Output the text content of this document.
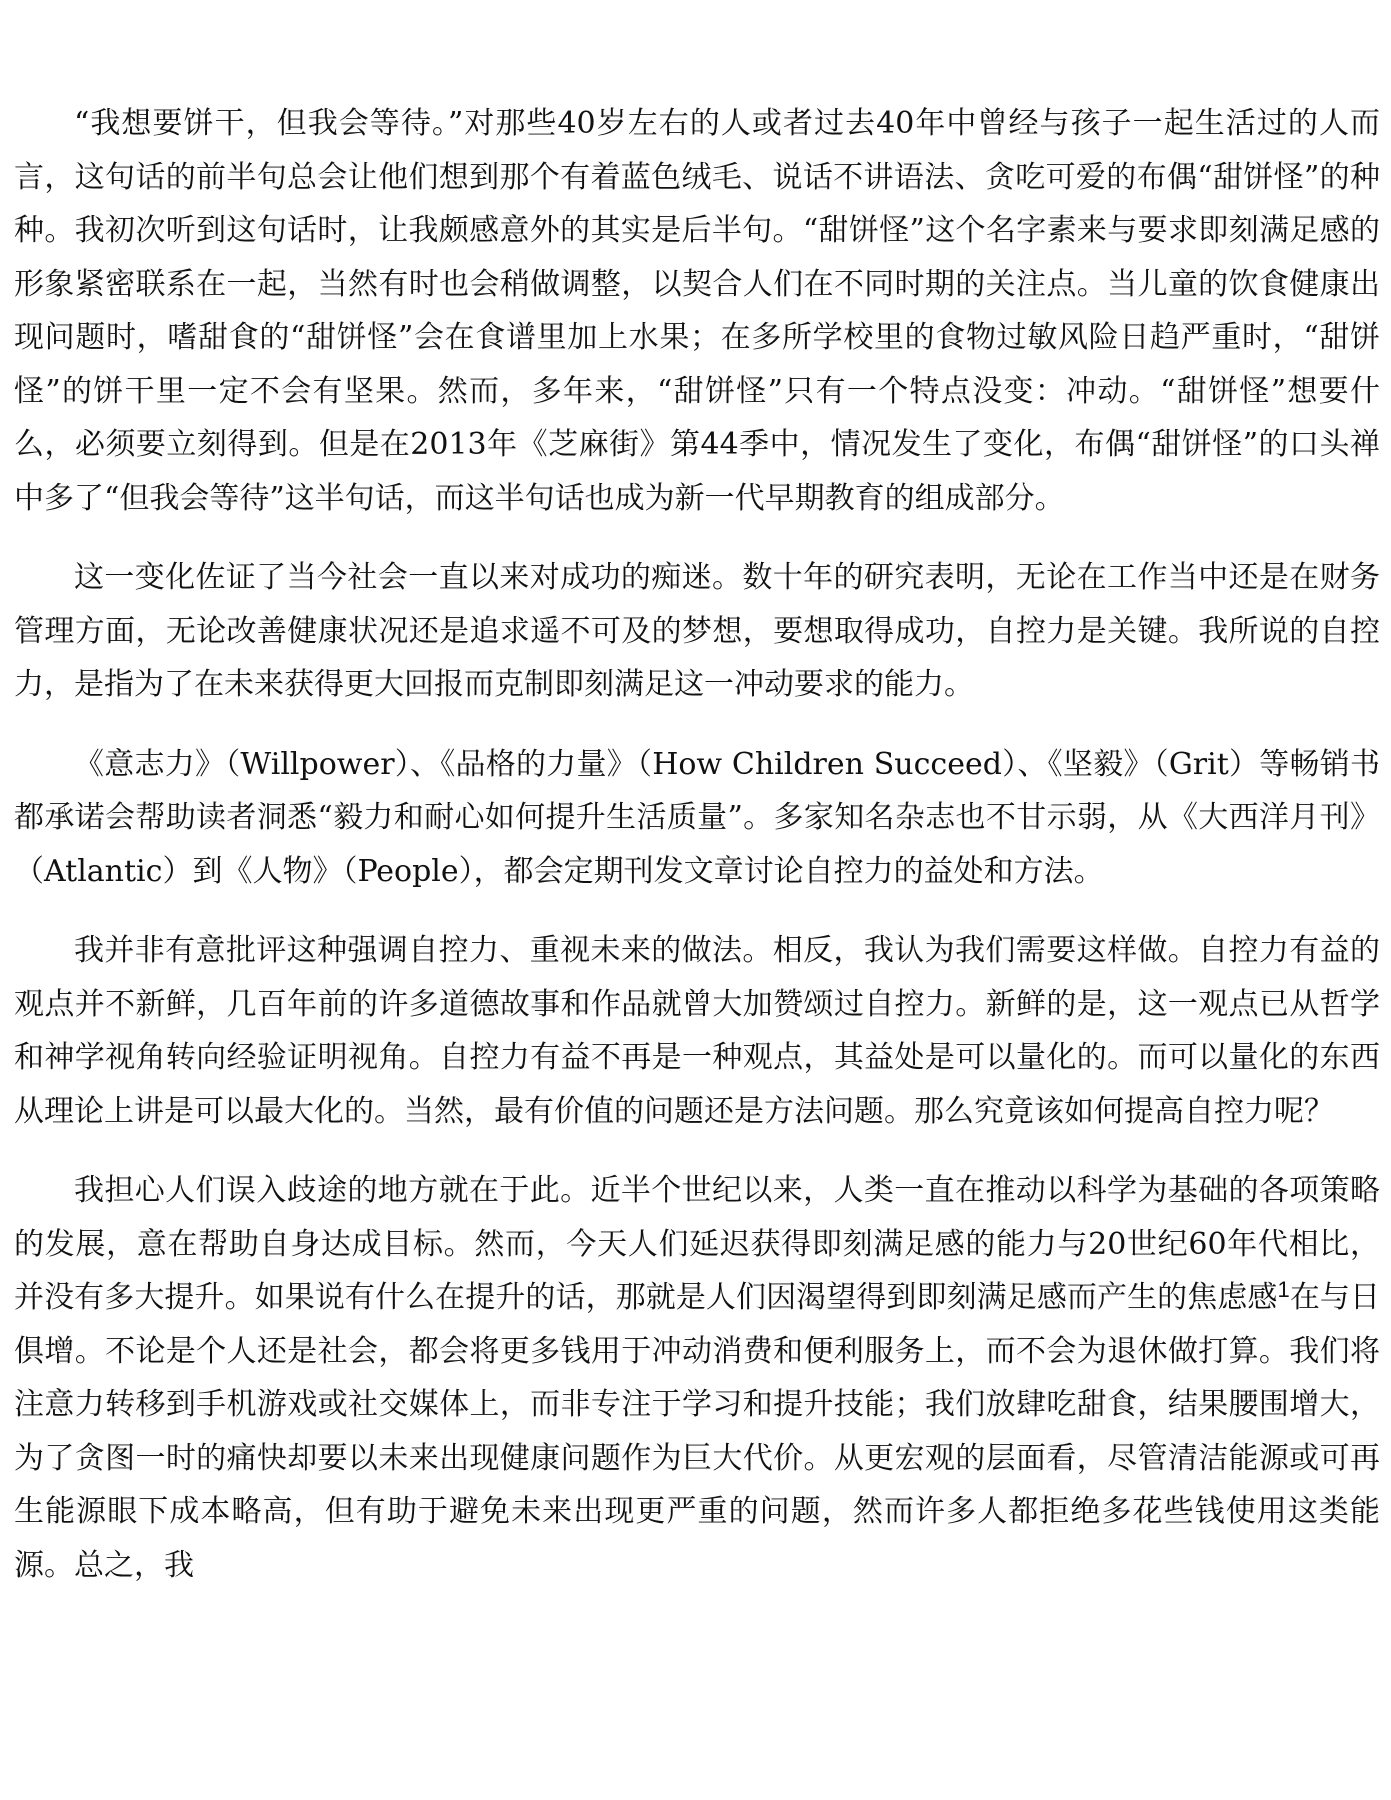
“我想要饼干，但我会等待。”对那些40岁左右的人或者过去40年中曾经与孩子一起生活过的人而言，这句话的前半句总会让他们想到那个有着蓝色绒毛、说话不讲语法、贪吃可爱的布偶“甜饼怪”的种种。我初次听到这句话时，让我颇感意外的其实是后半句。“甜饼怪”这个名字素来与要求即刻满足感的形象紧密联系在一起，当然有时也会稍做调整，以契合人们在不同时期的关注点。当儿童的饮食健康出现问题时，嗜甜食的“甜饼怪”会在食谱里加上水果；在多所学校里的食物过敏风险日趋严重时，“甜饼怪”的饼干里一定不会有坚果。然而，多年来，“甜饼怪”只有一个特点没变：冲动。“甜饼怪”想要什么，必须要立刻得到。但是在2013年《芝麻街》第44季中，情况发生了变化，布偶“甜饼怪”的口头禅中多了“但我会等待”这半句话，而这半句话也成为新一代早期教育的组成部分。

这一变化佐证了当今社会一直以来对成功的痴迷。数十年的研究表明，无论在工作当中还是在财务管理方面，无论改善健康状况还是追求遥不可及的梦想，要想取得成功，自控力是关键。我所说的自控力，是指为了在未来获得更大回报而克制即刻满足这一冲动要求的能力。

《意志力》（Willpower）、《品格的力量》（How Children Succeed）、《坚毅》（Grit）等畅销书都承诺会帮助读者洞悉“毅力和耐心如何提升生活质量”。多家知名杂志也不甘示弱，从《大西洋月刊》（Atlantic）到《人物》（People），都会定期刊发文章讨论自控力的益处和方法。

我并非有意批评这种强调自控力、重视未来的做法。相反，我认为我们需要这样做。自控力有益的观点并不新鲜，几百年前的许多道德故事和作品就曾大加赞颂过自控力。新鲜的是，这一观点已从哲学和神学视角转向经验证明视角。自控力有益不再是一种观点，其益处是可以量化的。而可以量化的东西从理论上讲是可以最大化的。当然，最有价值的问题还是方法问题。那么究竟该如何提高自控力呢？

我担心人们误入歧途的地方就在于此。近半个世纪以来，人类一直在推动以科学为基础的各项策略的发展，意在帮助自身达成目标。然而，今天人们延迟获得即刻满足感的能力与20世纪60年代相比，并没有多大提升。如果说有什么在提升的话，那就是人们因渴望得到即刻满足感而产生的焦虑感$^1$在与日俱增。不论是个人还是社会，都会将更多钱用于冲动消费和便利服务上，而不会为退休做打算。我们将注意力转移到手机游戏或社交媒体上，而非专注于学习和提升技能；我们放肆吃甜食，结果腰围增大，为了贪图一时的痛快却要以未来出现健康问题作为巨大代价。从更宏观的层面看，尽管清洁能源或可再生能源眼下成本略高，但有助于避免未来出现更严重的问题，然而许多人都拒绝多花些钱使用这类能源。总之，我
